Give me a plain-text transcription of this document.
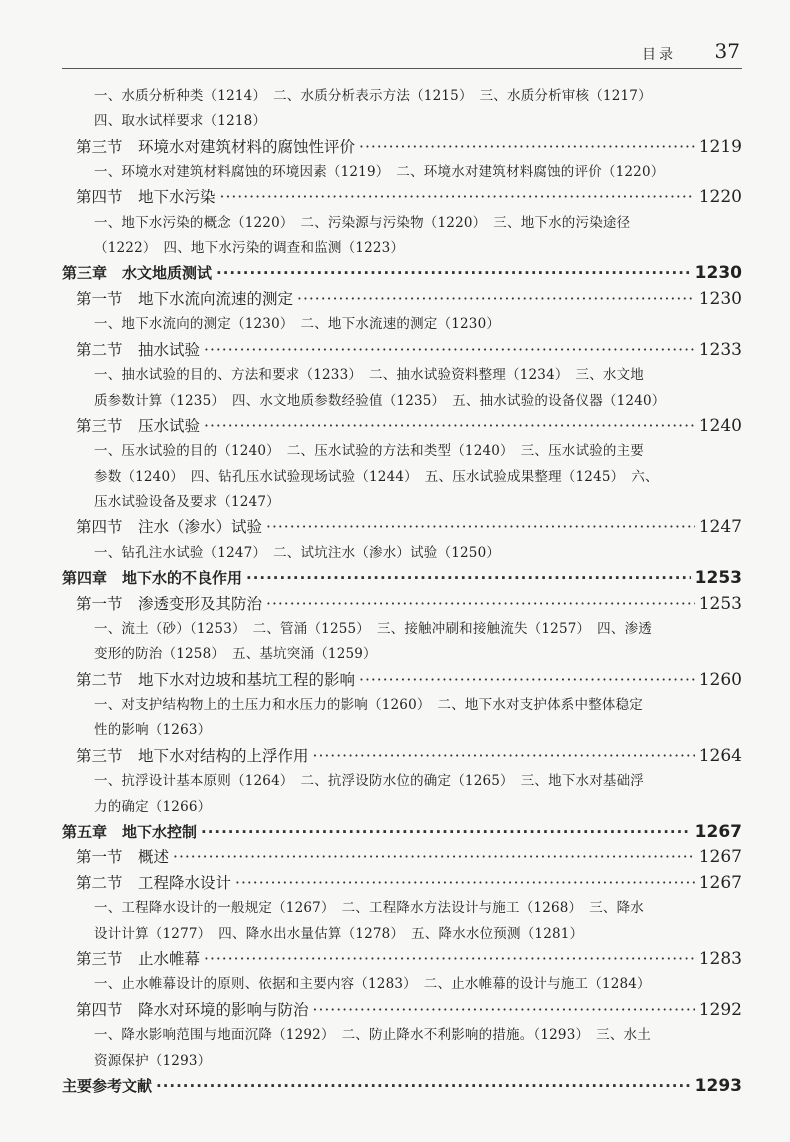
目录 37
一、水质分析种类（1214）　二、水质分析表示方法（1215）　三、水质分析审核（1217）
四、取水试样要求（1218）
第三节　环境水对建筑材料的腐蚀性评价 ·····	1219
一、环境水对建筑材料腐蚀的环境因素（1219）　二、环境水对建筑材料腐蚀的评价（1220）
第四节　地下水污染 ·····	1220
一、地下水污染的概念（1220）　二、污染源与污染物（1220）　三、地下水的污染途径
（1222）　四、地下水污染的调查和监测（1223）
第三章　水文地质测试 ·····	1230
第一节　地下水流向流速的测定 ·····	1230
一、地下水流向的测定（1230）　二、地下水流速的测定（1230）
第二节　抽水试验 ·····	1233
一、抽水试验的目的、方法和要求（1233）　二、抽水试验资料整理（1234）　三、水文地
质参数计算（1235）　四、水文地质参数经验值（1235）　五、抽水试验的设备仪器（1240）
第三节　压水试验 ·····	1240
一、压水试验的目的（1240）　二、压水试验的方法和类型（1240）　三、压水试验的主要
参数（1240）　四、钻孔压水试验现场试验（1244）　五、压水试验成果整理（1245）　六、
压水试验设备及要求（1247）
第四节　注水（渗水）试验 ·····	1247
一、钻孔注水试验（1247）　二、试坑注水（渗水）试验（1250）
第四章　地下水的不良作用 ·····	1253
第一节　渗透变形及其防治 ·····	1253
一、流土（砂）（1253）　二、管涌（1255）　三、接触冲刷和接触流失（1257）　四、渗透
变形的防治（1258）　五、基坑突涌（1259）
第二节　地下水对边坡和基坑工程的影响 ·····	1260
一、对支护结构物上的土压力和水压力的影响（1260）　二、地下水对支护体系中整体稳定
性的影响（1263）
第三节　地下水对结构的上浮作用 ·····	1264
一、抗浮设计基本原则（1264）　二、抗浮设防水位的确定（1265）　三、地下水对基础浮
力的确定（1266）
第五章　地下水控制 ·····	1267
第一节　概述 ·····	1267
第二节　工程降水设计 ·····	1267
一、工程降水设计的一般规定（1267）　二、工程降水方法设计与施工（1268）　三、降水
设计计算（1277）　四、降水出水量估算（1278）　五、降水水位预测（1281）
第三节　止水帷幕 ·····	1283
一、止水帷幕设计的原则、依据和主要内容（1283）　二、止水帷幕的设计与施工（1284）
第四节　降水对环境的影响与防治 ·····	1292
一、降水影响范围与地面沉降（1292）　二、防止降水不利影响的措施。（1293）　三、水土
资源保护（1293）
主要参考文献 ·····	1293
